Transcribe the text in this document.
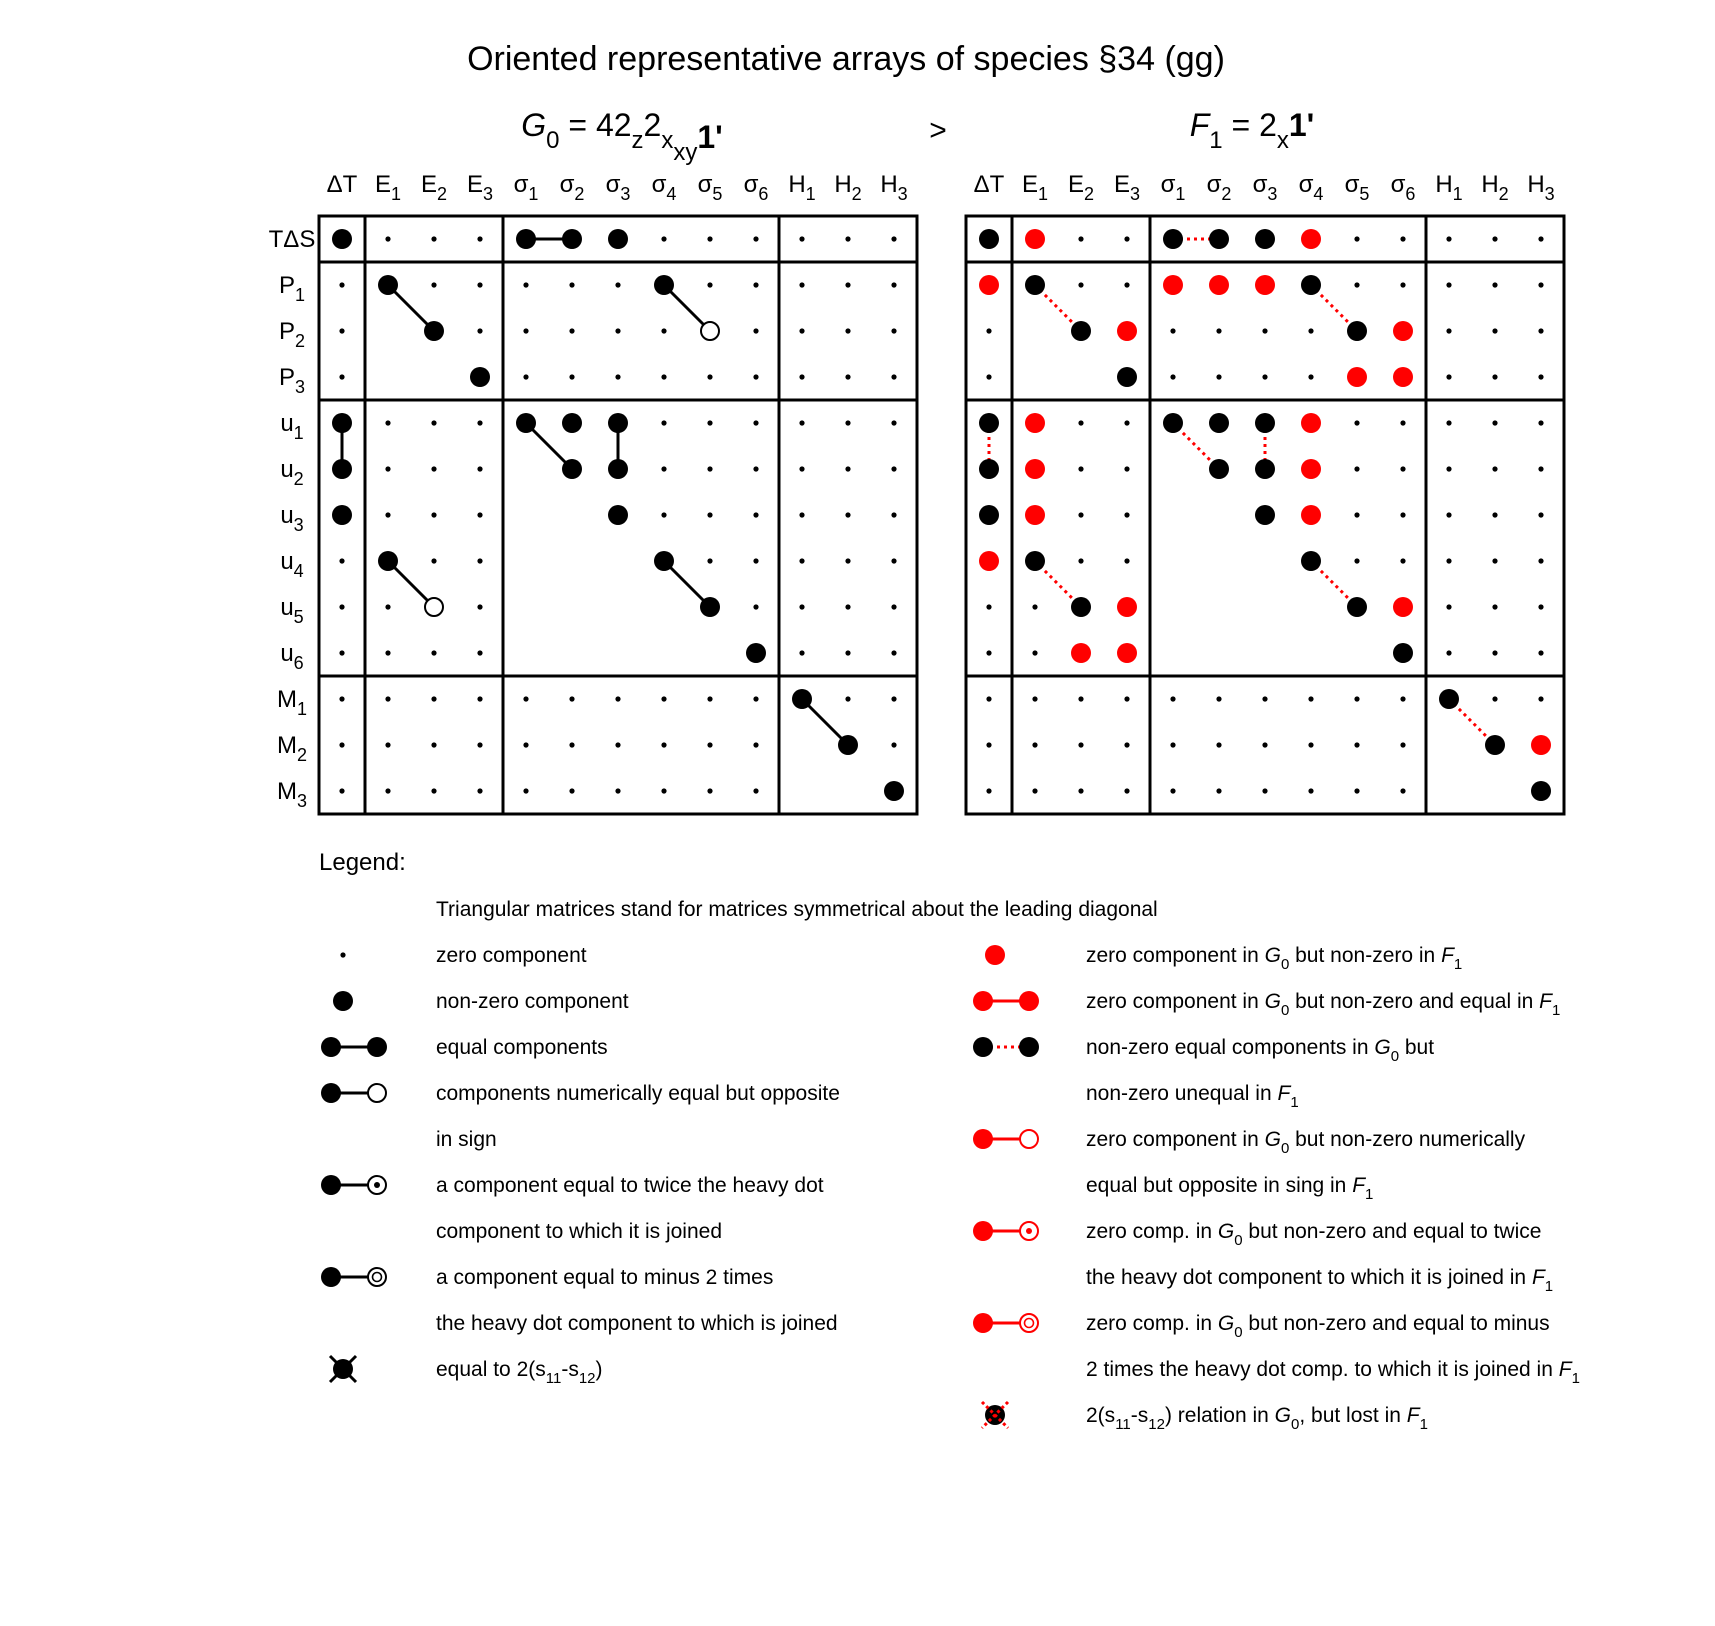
Oriented representative arrays of species §34 (gg)
>
$G_0 = 42_z2_{xxy}1'$	$F_1 = 2_x1'$
ΔT $E_1$ $E_2$ $E_3$ $\sigma_1$ $\sigma_2$ $\sigma_3$ $\sigma_4$ $\sigma_5$ $\sigma_6$ $H_1$ $H_2$ $H_3$
TΔS
$P_1$
$P_2$
$P_3$
$u_1$
$u_2$
$u_3$
$u_4$
$u_5$
$u_6$
$M_1$
$M_2$
$M_3$
ΔT $E_1$ $E_2$ $E_3$ $\sigma_1$ $\sigma_2$ $\sigma_3$ $\sigma_4$ $\sigma_5$ $\sigma_6$ $H_1$ $H_2$ $H_3$
Legend:
Triangular matrices stand for matrices symmetrical about the leading diagonal
zero component
non-zero component
equal components
components numerically equal but opposite
in sign
a component equal to twice the heavy dot
component to which it is joined
a component equal to minus 2 times
the heavy dot component to which is joined
equal to $2(s_{11}-s_{12})$
zero component in $G_0$ but non-zero in $F_1$
zero component in $G_0$ but non-zero and equal in $F_1$
non-zero equal components in $G_0$ but
non-zero unequal in $F_1$
zero component in $G_0$ but non-zero numerically
equal but opposite in sing in $F_1$
zero comp. in $G_0$ but non-zero and equal to twice
the heavy dot component to which it is joined in $F_1$
zero comp. in $G_0$ but non-zero and equal to minus
2 times the heavy dot comp. to which it is joined in $F_1$
$2(s_{11}-s_{12})$ relation in $G_0$, but lost in $F_1$
